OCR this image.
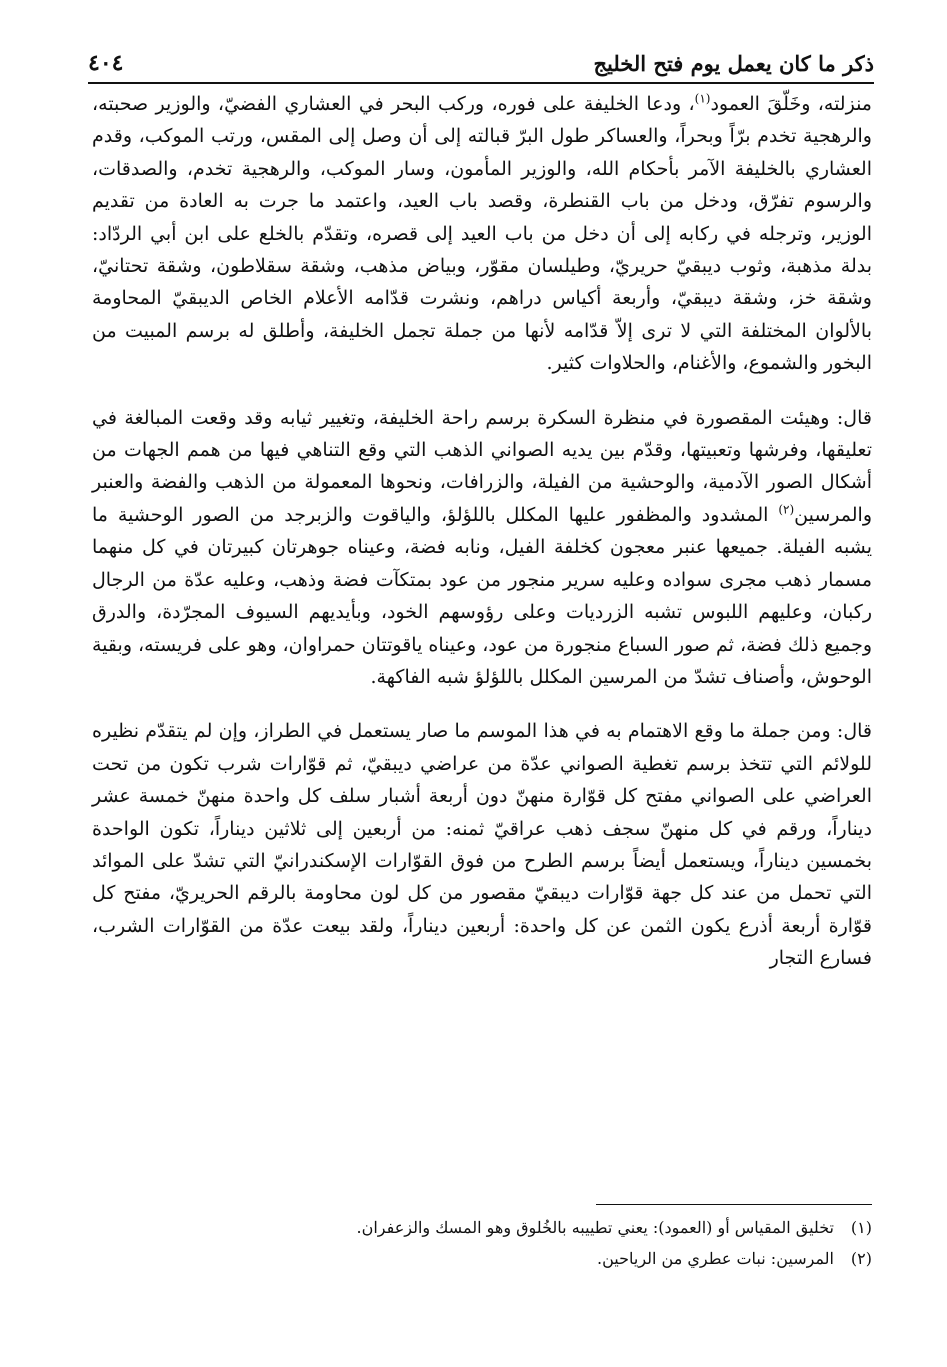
ذكر ما كان يعمل يوم فتح الخليج
٤٠٤

منزلته، وخَلّقَ العمود$^{(١)}$، ودعا الخليفة على فوره، وركب البحر في العشاري الفضيّ، والوزير صحبته، والرهجية تخدم برّاً وبحراً، والعساكر طول البرّ قبالته إلى أن وصل إلى المقس، ورتب الموكب، وقدم العشاري بالخليفة الآمر بأحكام الله، والوزير المأمون، وسار الموكب، والرهجية تخدم، والصدقات، والرسوم تفرّق، ودخل من باب القنطرة، وقصد باب العيد، واعتمد ما جرت به العادة من تقديم الوزير، وترجله في ركابه إلى أن دخل من باب العيد إلى قصره، وتقدّم بالخلع على ابن أبي الردّاد: بدلة مذهبة، وثوب ديبقيّ حريريّ، وطيلسان مقوّر، وبياض مذهب، وشقة سقلاطون، وشقة تحتانيّ، وشقة خز، وشقة ديبقيّ، وأربعة أكياس دراهم، ونشرت قدّامه الأعلام الخاص الديبقيّ المحاومة بالألوان المختلفة التي لا ترى إلاّ قدّامه لأنها من جملة تجمل الخليفة، وأطلق له برسم المبيت من البخور والشموع، والأغنام، والحلاوات كثير.

قال: وهيئت المقصورة في منظرة السكرة برسم راحة الخليفة، وتغيير ثيابه وقد وقعت المبالغة في تعليقها، وفرشها وتعبيتها، وقدّم بين يديه الصواني الذهب التي وقع التناهي فيها من همم الجهات من أشكال الصور الآدمية، والوحشية من الفيلة، والزرافات، ونحوها المعمولة من الذهب والفضة والعنبر والمرسين$^{(٢)}$ المشدود والمظفور عليها المكلل باللؤلؤ، والياقوت والزبرجد من الصور الوحشية ما يشبه الفيلة. جميعها عنبر معجون كخلفة الفيل، ونابه فضة، وعيناه جوهرتان كبيرتان في كل منهما مسمار ذهب مجرى سواده وعليه سرير منجور من عود بمتكآت فضة وذهب، وعليه عدّة من الرجال ركبان، وعليهم اللبوس تشبه الزرديات وعلى رؤوسهم الخود، وبأيديهم السيوف المجرّدة، والدرق وجميع ذلك فضة، ثم صور السباع منجورة من عود، وعيناه ياقوتتان حمراوان، وهو على فريسته، وبقية الوحوش، وأصناف تشدّ من المرسين المكلل باللؤلؤ شبه الفاكهة.

قال: ومن جملة ما وقع الاهتمام به في هذا الموسم ما صار يستعمل في الطراز، وإن لم يتقدّم نظيره للولائم التي تتخذ برسم تغطية الصواني عدّة من عراضي ديبقيّ، ثم قوّارات شرب تكون من تحت العراضي على الصواني مفتح كل قوّارة منهنّ دون أربعة أشبار سلف كل واحدة منهنّ خمسة عشر ديناراً، ورقم في كل منهنّ سجف ذهب عراقيّ ثمنه: من أربعين إلى ثلاثين ديناراً، تكون الواحدة بخمسين ديناراً، ويستعمل أيضاً برسم الطرح من فوق القوّارات الإسكندرانيّ التي تشدّ على الموائد التي تحمل من عند كل جهة قوّارات ديبقيّ مقصور من كل لون محاومة بالرقم الحريريّ، مفتح كل قوّارة أربعة أذرع يكون الثمن عن كل واحدة: أربعين ديناراً، ولقد بيعت عدّة من القوّارات الشرب، فسارع التجار

(١)
تخليق المقياس أو (العمود): يعني تطييبه بالخُلوق وهو المسك والزعفران.
(٢)
المرسين: نبات عطري من الرياحين.
